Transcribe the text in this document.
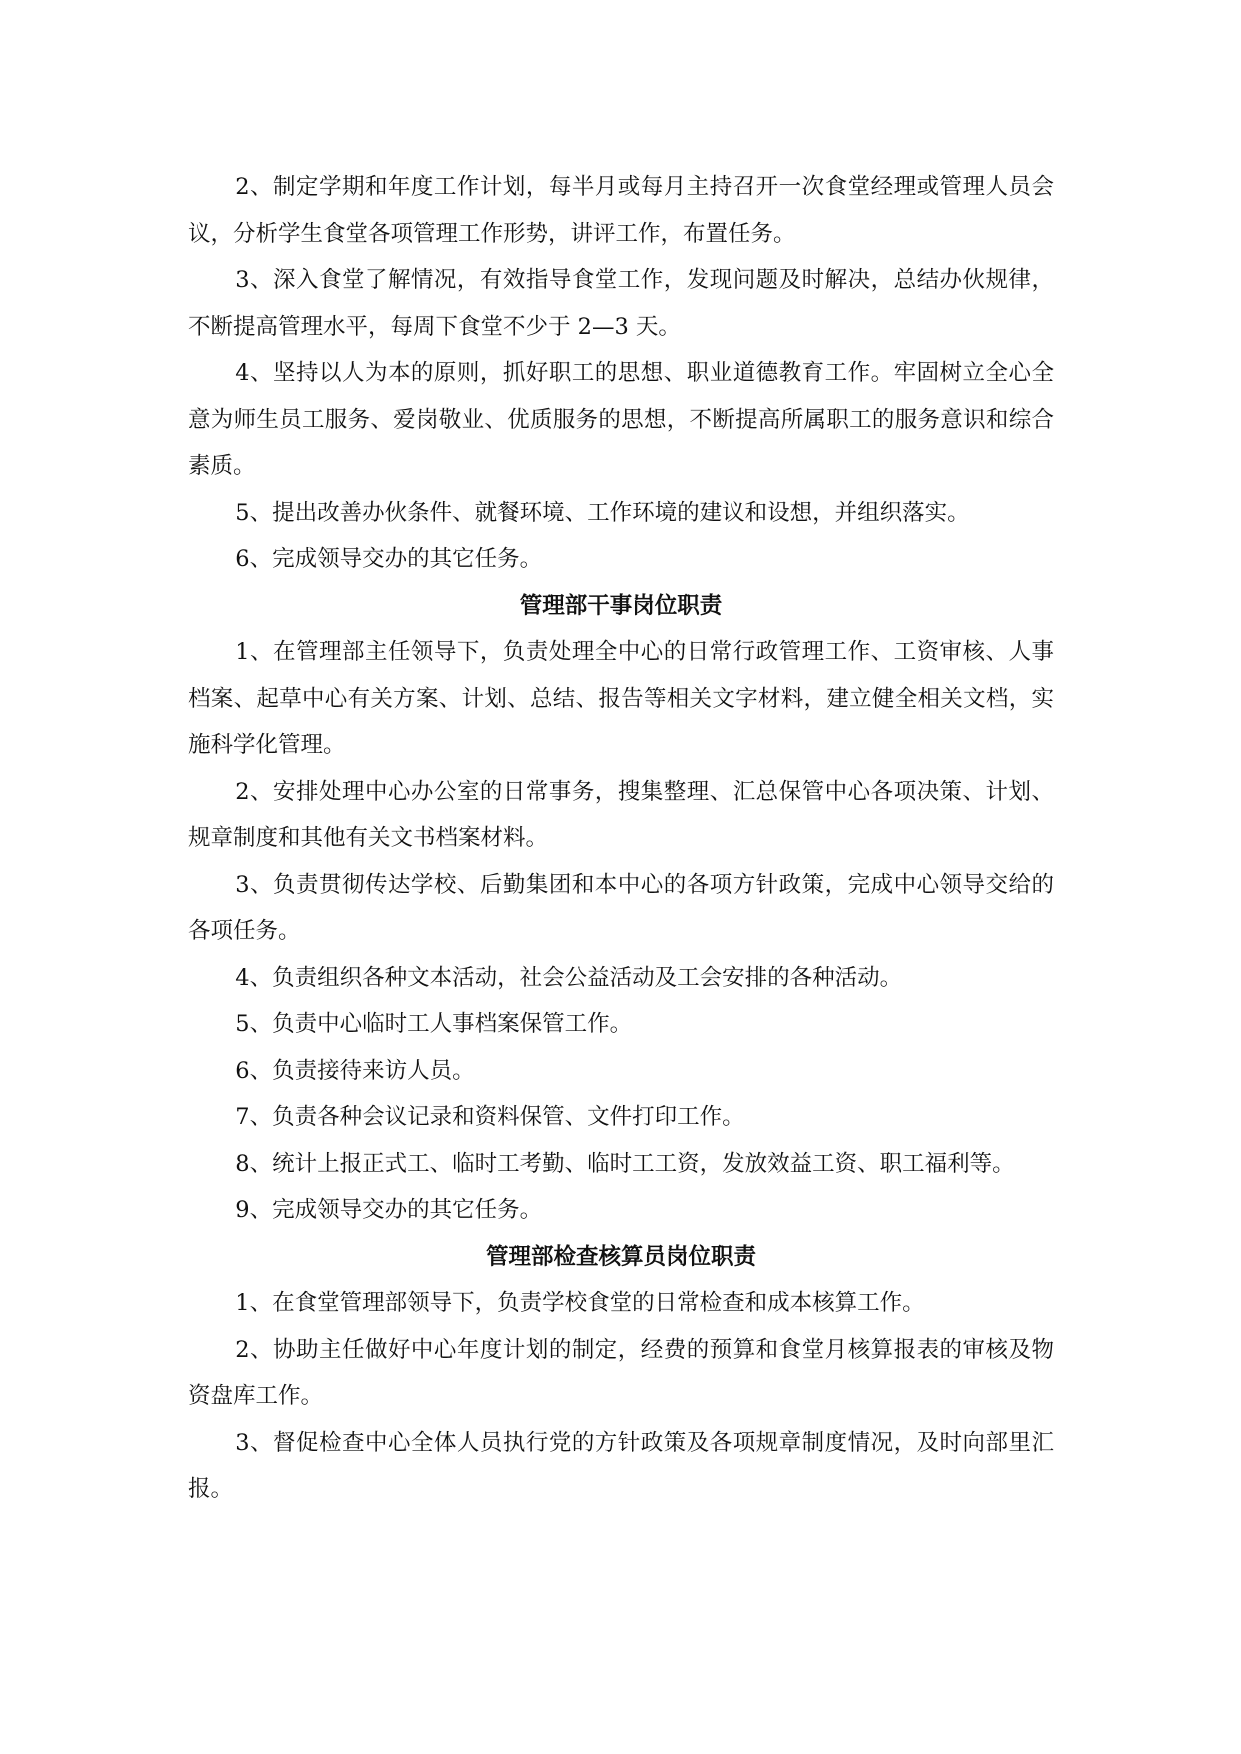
2、制定学期和年度工作计划，每半月或每月主持召开一次食堂经理或管理人员会议，分析学生食堂各项管理工作形势，讲评工作，布置任务。

3、深入食堂了解情况，有效指导食堂工作，发现问题及时解决，总结办伙规律，不断提高管理水平，每周下食堂不少于 2—3 天。

4、坚持以人为本的原则，抓好职工的思想、职业道德教育工作。牢固树立全心全意为师生员工服务、爱岗敬业、优质服务的思想，不断提高所属职工的服务意识和综合素质。

5、提出改善办伙条件、就餐环境、工作环境的建议和设想，并组织落实。

6、完成领导交办的其它任务。

管理部干事岗位职责

1、在管理部主任领导下，负责处理全中心的日常行政管理工作、工资审核、人事档案、起草中心有关方案、计划、总结、报告等相关文字材料，建立健全相关文档，实施科学化管理。

2、安排处理中心办公室的日常事务，搜集整理、汇总保管中心各项决策、计划、规章制度和其他有关文书档案材料。

3、负责贯彻传达学校、后勤集团和本中心的各项方针政策，完成中心领导交给的各项任务。

4、负责组织各种文本活动，社会公益活动及工会安排的各种活动。

5、负责中心临时工人事档案保管工作。

6、负责接待来访人员。

7、负责各种会议记录和资料保管、文件打印工作。

8、统计上报正式工、临时工考勤、临时工工资，发放效益工资、职工福利等。

9、完成领导交办的其它任务。

管理部检查核算员岗位职责

1、在食堂管理部领导下，负责学校食堂的日常检查和成本核算工作。

2、协助主任做好中心年度计划的制定，经费的预算和食堂月核算报表的审核及物资盘库工作。

3、督促检查中心全体人员执行党的方针政策及各项规章制度情况，及时向部里汇报。
